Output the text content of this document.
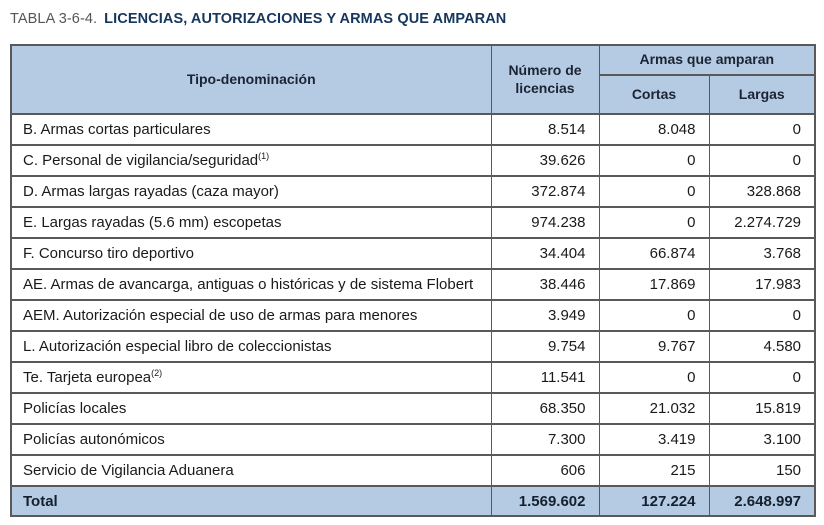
TABLA 3-6-4. LICENCIAS, AUTORIZACIONES Y ARMAS QUE AMPARAN
Tipo-denominación	Número de licencias	Armas que amparan	
		Cortas	Largas
B. Armas cortas particulares	8.514	8.048	0
C. Personal de vigilancia/seguridad$^{(1)}$	39.626	0	0
D. Armas largas rayadas (caza mayor)	372.874	0	328.868
E. Largas rayadas (5.6 mm) escopetas	974.238	0	2.274.729
F. Concurso tiro deportivo	34.404	66.874	3.768
AE. Armas de avancarga, antiguas o históricas y de sistema Flobert	38.446	17.869	17.983
AEM. Autorización especial de uso de armas para menores	3.949	0	0
L. Autorización especial libro de coleccionistas	9.754	9.767	4.580
Te. Tarjeta europea$^{(2)}$	11.541	0	0
Policías locales	68.350	21.032	15.819
Policías autonómicos	7.300	3.419	3.100
Servicio de Vigilancia Aduanera	606	215	150
Total	1.569.602	127.224	2.648.997
